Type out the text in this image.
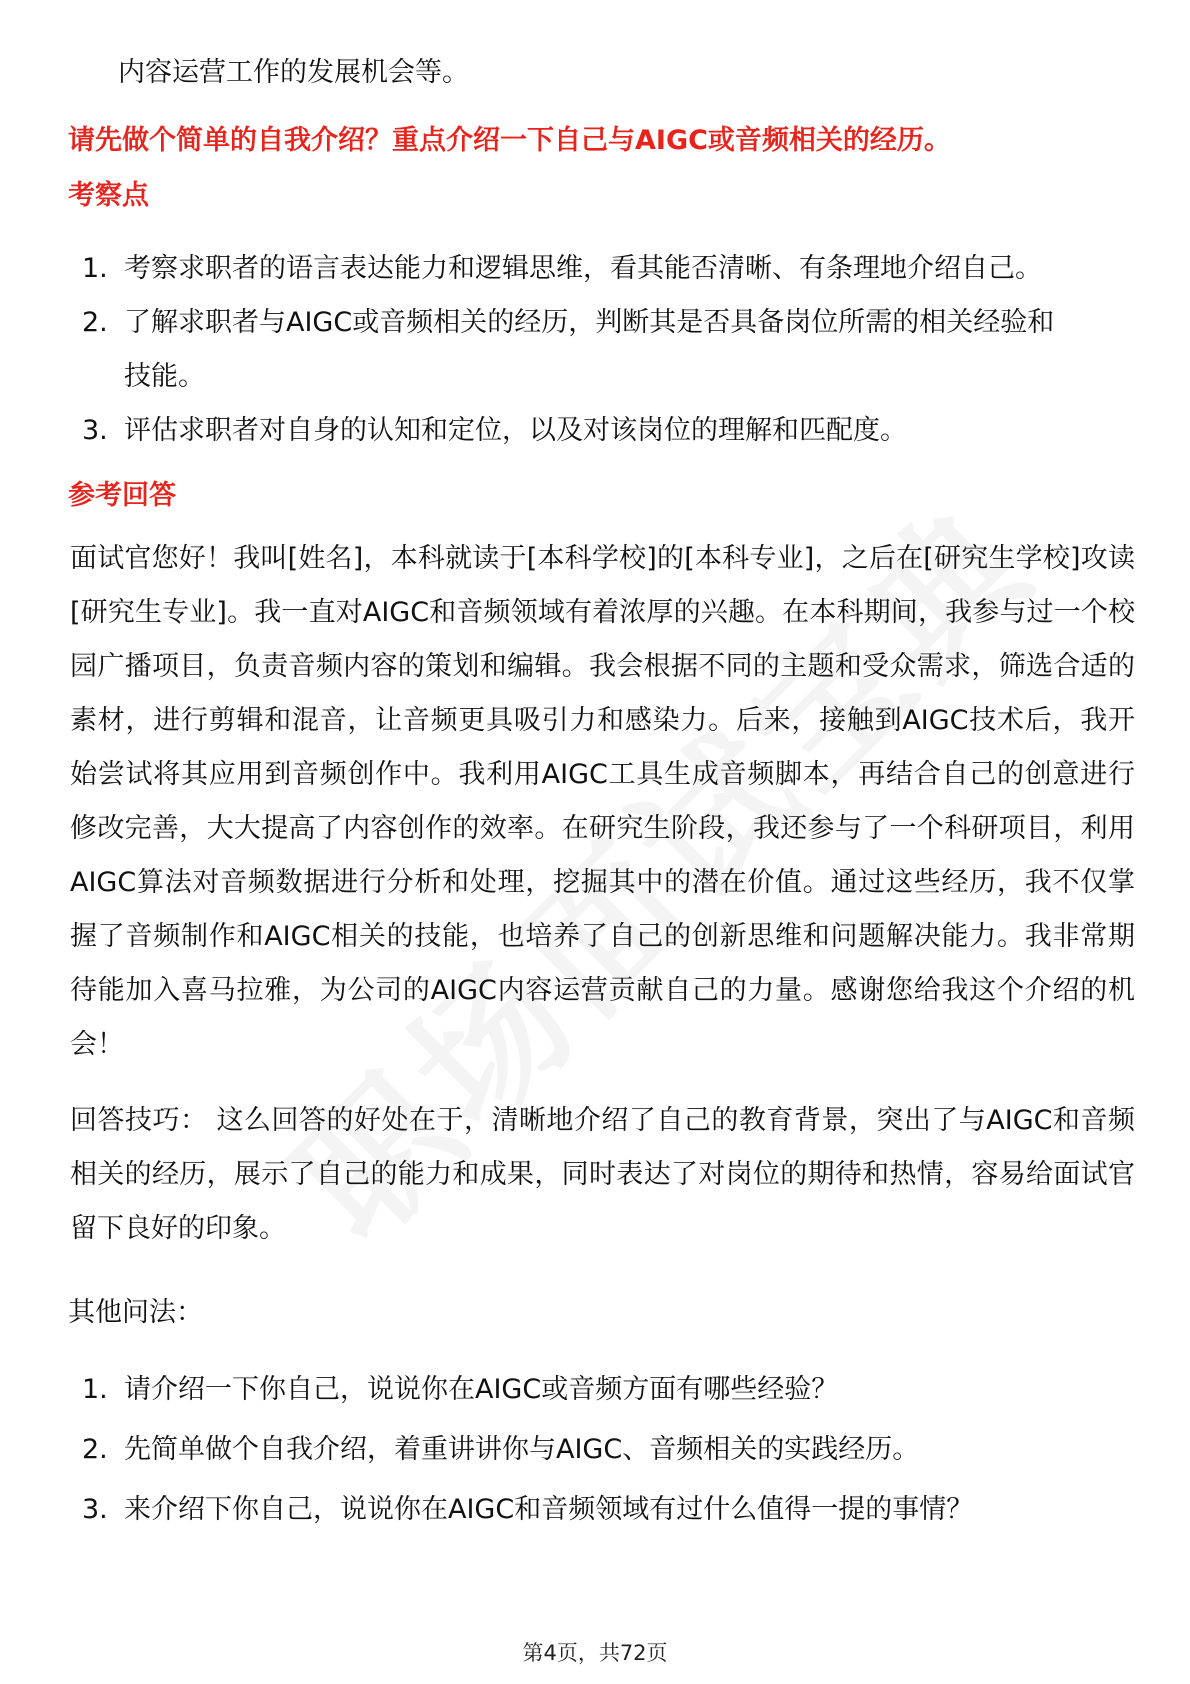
内容运营工作的发展机会等。

请先做个简单的自我介绍？重点介绍一下自己与AIGC或音频相关的经历。

考察点

1. 考察求职者的语言表达能力和逻辑思维，看其能否清晰、有条理地介绍自己。
2. 了解求职者与AIGC或音频相关的经历，判断其是否具备岗位所需的相关经验和技能。
3. 评估求职者对自身的认知和定位，以及对该岗位的理解和匹配度。

参考回答

面试官您好！我叫[姓名]，本科就读于[本科学校]的[本科专业]，之后在[研究生学校]攻读[研究生专业]。我一直对AIGC和音频领域有着浓厚的兴趣。在本科期间，我参与过一个校园广播项目，负责音频内容的策划和编辑。我会根据不同的主题和受众需求，筛选合适的素材，进行剪辑和混音，让音频更具吸引力和感染力。后来，接触到AIGC技术后，我开始尝试将其应用到音频创作中。我利用AIGC工具生成音频脚本，再结合自己的创意进行修改完善，大大提高了内容创作的效率。在研究生阶段，我还参与了一个科研项目，利用AIGC算法对音频数据进行分析和处理，挖掘其中的潜在价值。通过这些经历，我不仅掌握了音频制作和AIGC相关的技能，也培养了自己的创新思维和问题解决能力。我非常期待能加入喜马拉雅，为公司的AIGC内容运营贡献自己的力量。感谢您给我这个介绍的机会！

回答技巧： 这么回答的好处在于，清晰地介绍了自己的教育背景，突出了与AIGC和音频相关的经历，展示了自己的能力和成果，同时表达了对岗位的期待和热情，容易给面试官留下良好的印象。

其他问法：

1. 请介绍一下你自己，说说你在AIGC或音频方面有哪些经验？
2. 先简单做个自我介绍，着重讲讲你与AIGC、音频相关的实践经历。
3. 来介绍下你自己，说说你在AIGC和音频领域有过什么值得一提的事情？
第4页，共72页
